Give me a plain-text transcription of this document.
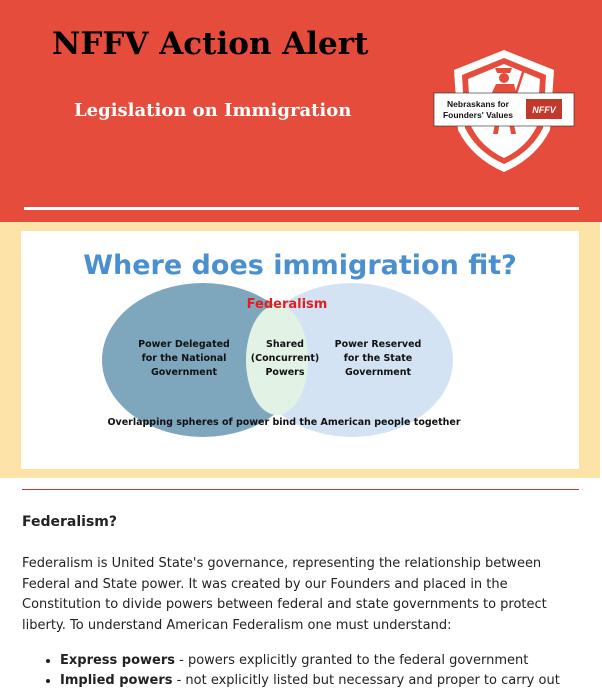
NFFV Action Alert
Legislation on Immigration	Nebraskans for
Founders' Values NFFV
Where does immigration fit?
Federalism
Power Delegated
for the National
Government
Shared
(Concurrent)
Powers
Power Reserved
for the State
Government
Overlapping spheres of power bind the American people together
Federalism?
Federalism is United State's governance, representing the relationship between Federal and State power. It was created by our Founders and placed in the Constitution to divide powers between federal and state governments to protect liberty. To understand American Federalism one must understand:
• Express powers - powers explicitly granted to the federal government
• Implied powers - not explicitly listed but necessary and proper to carry out
